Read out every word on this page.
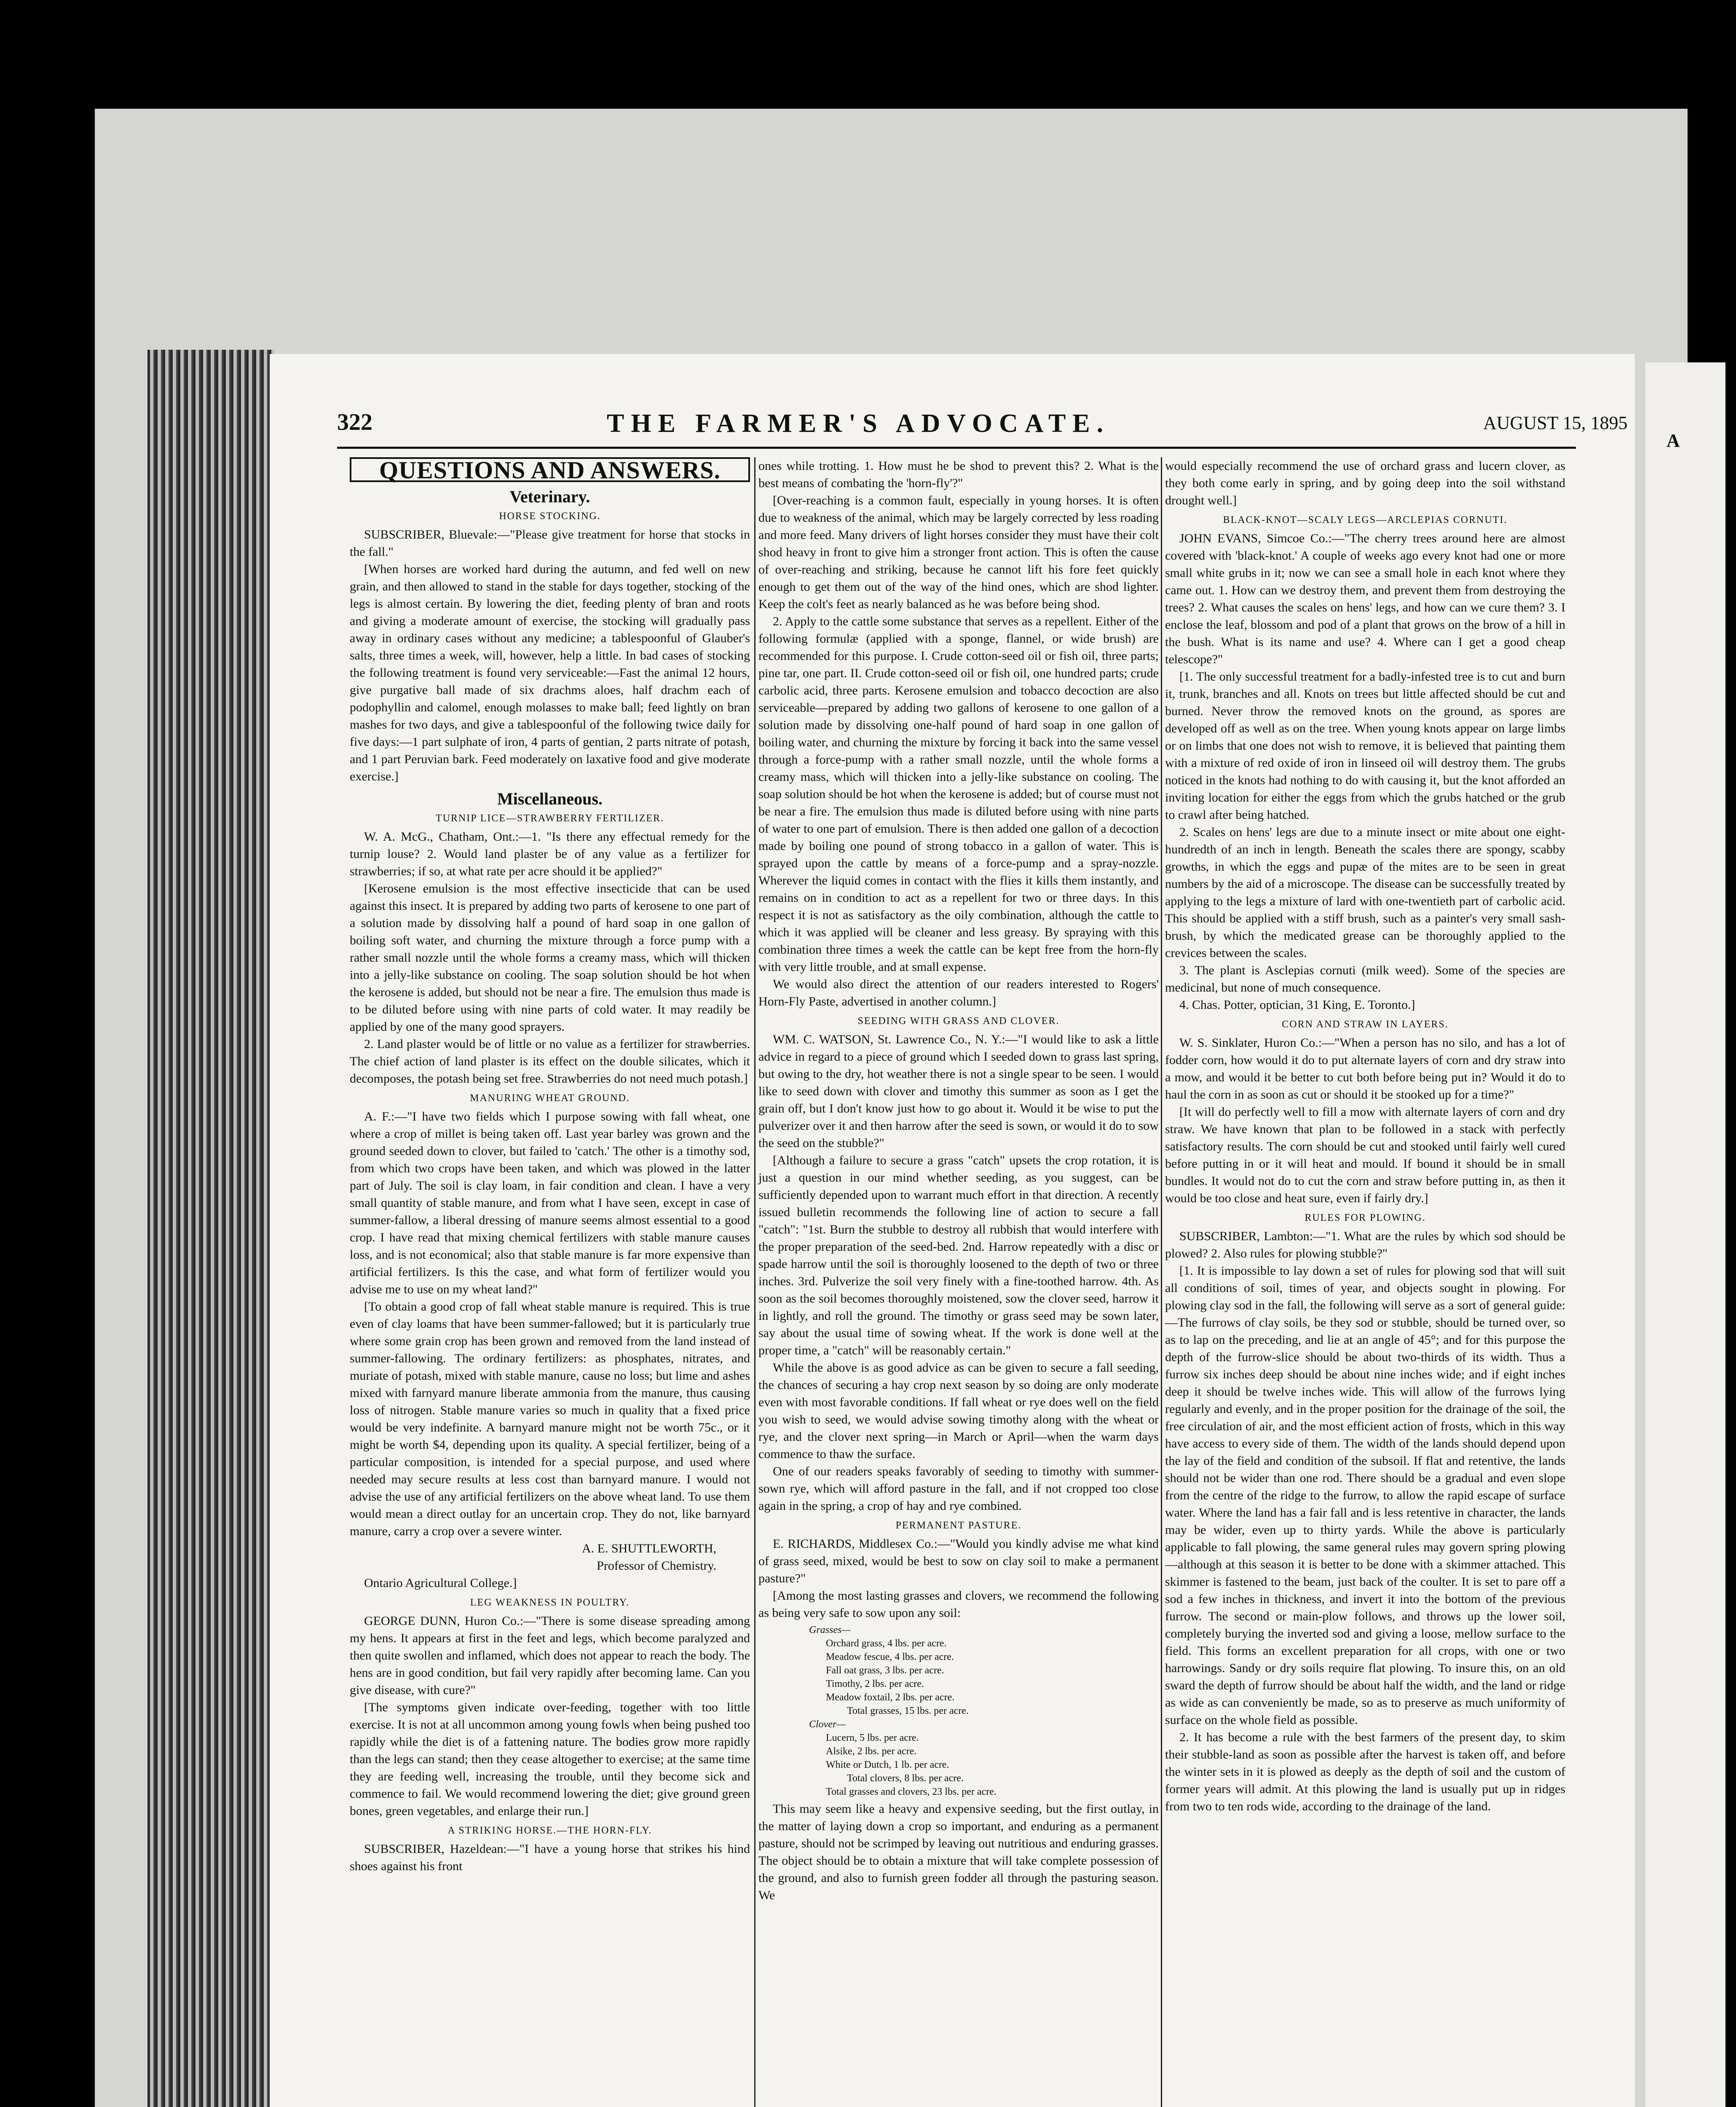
A
322	THE FARMER'S ADVOCATE.	AUGUST 15, 1895
QUESTIONS AND ANSWERS.
Veterinary.
HORSE STOCKING.

SUBSCRIBER, Bluevale:—"Please give treatment for horse that stocks in the fall."

[When horses are worked hard during the autumn, and fed well on new grain, and then allowed to stand in the stable for days together, stocking of the legs is almost certain. By lowering the diet, feeding plenty of bran and roots and giving a moderate amount of exercise, the stocking will gradually pass away in ordinary cases without any medicine; a tablespoonful of Glauber's salts, three times a week, will, however, help a little. In bad cases of stocking the following treatment is found very serviceable:—Fast the animal 12 hours, give purgative ball made of six drachms aloes, half drachm each of podophyllin and calomel, enough molasses to make ball; feed lightly on bran mashes for two days, and give a tablespoonful of the following twice daily for five days:—1 part sulphate of iron, 4 parts of gentian, 2 parts nitrate of potash, and 1 part Peruvian bark. Feed moderately on laxative food and give moderate exercise.]

Miscellaneous.
TURNIP LICE—STRAWBERRY FERTILIZER.

W. A. McG., Chatham, Ont.:—1. "Is there any effectual remedy for the turnip louse? 2. Would land plaster be of any value as a fertilizer for strawberries; if so, at what rate per acre should it be applied?"

[Kerosene emulsion is the most effective insecticide that can be used against this insect. It is prepared by adding two parts of kerosene to one part of a solution made by dissolving half a pound of hard soap in one gallon of boiling soft water, and churning the mixture through a force pump with a rather small nozzle until the whole forms a creamy mass, which will thicken into a jelly-like substance on cooling. The soap solution should be hot when the kerosene is added, but should not be near a fire. The emulsion thus made is to be diluted before using with nine parts of cold water. It may readily be applied by one of the many good sprayers.

2. Land plaster would be of little or no value as a fertilizer for strawberries. The chief action of land plaster is its effect on the double silicates, which it decomposes, the potash being set free. Strawberries do not need much potash.]

MANURING WHEAT GROUND.

A. F.:—"I have two fields which I purpose sowing with fall wheat, one where a crop of millet is being taken off. Last year barley was grown and the ground seeded down to clover, but failed to 'catch.' The other is a timothy sod, from which two crops have been taken, and which was plowed in the latter part of July. The soil is clay loam, in fair condition and clean. I have a very small quantity of stable manure, and from what I have seen, except in case of summer-fallow, a liberal dressing of manure seems almost essential to a good crop. I have read that mixing chemical fertilizers with stable manure causes loss, and is not economical; also that stable manure is far more expensive than artificial fertilizers. Is this the case, and what form of fertilizer would you advise me to use on my wheat land?"

[To obtain a good crop of fall wheat stable manure is required. This is true even of clay loams that have been summer-fallowed; but it is particularly true where some grain crop has been grown and removed from the land instead of summer-fallowing. The ordinary fertilizers: as phosphates, nitrates, and muriate of potash, mixed with stable manure, cause no loss; but lime and ashes mixed with farnyard manure liberate ammonia from the manure, thus causing loss of nitrogen. Stable manure varies so much in quality that a fixed price would be very indefinite. A barnyard manure might not be worth 75c., or it might be worth $4, depending upon its quality. A special fertilizer, being of a particular composition, is intended for a special purpose, and used where needed may secure results at less cost than barnyard manure. I would not advise the use of any artificial fertilizers on the above wheat land. To use them would mean a direct outlay for an uncertain crop. They do not, like barnyard manure, carry a crop over a severe winter.

A. E. SHUTTLEWORTH,
Professor of Chemistry.

Ontario Agricultural College.]

LEG WEAKNESS IN POULTRY.

GEORGE DUNN, Huron Co.:—"There is some disease spreading among my hens. It appears at first in the feet and legs, which become paralyzed and then quite swollen and inflamed, which does not appear to reach the body. The hens are in good condition, but fail very rapidly after becoming lame. Can you give disease, with cure?"

[The symptoms given indicate over-feeding, together with too little exercise. It is not at all uncommon among young fowls when being pushed too rapidly while the diet is of a fattening nature. The bodies grow more rapidly than the legs can stand; then they cease altogether to exercise; at the same time they are feeding well, increasing the trouble, until they become sick and commence to fail. We would recommend lowering the diet; give ground green bones, green vegetables, and enlarge their run.]

A STRIKING HORSE.—THE HORN-FLY.

SUBSCRIBER, Hazeldean:—"I have a young horse that strikes his hind shoes against his front

ones while trotting. 1. How must he be shod to prevent this? 2. What is the best means of combating the 'horn-fly'?"

[Over-reaching is a common fault, especially in young horses. It is often due to weakness of the animal, which may be largely corrected by less roading and more feed. Many drivers of light horses consider they must have their colt shod heavy in front to give him a stronger front action. This is often the cause of over-reaching and striking, because he cannot lift his fore feet quickly enough to get them out of the way of the hind ones, which are shod lighter. Keep the colt's feet as nearly balanced as he was before being shod.

2. Apply to the cattle some substance that serves as a repellent. Either of the following formulæ (applied with a sponge, flannel, or wide brush) are recommended for this purpose. I. Crude cotton-seed oil or fish oil, three parts; pine tar, one part. II. Crude cotton-seed oil or fish oil, one hundred parts; crude carbolic acid, three parts. Kerosene emulsion and tobacco decoction are also serviceable—prepared by adding two gallons of kerosene to one gallon of a solution made by dissolving one-half pound of hard soap in one gallon of boiling water, and churning the mixture by forcing it back into the same vessel through a force-pump with a rather small nozzle, until the whole forms a creamy mass, which will thicken into a jelly-like substance on cooling. The soap solution should be hot when the kerosene is added; but of course must not be near a fire. The emulsion thus made is diluted before using with nine parts of water to one part of emulsion. There is then added one gallon of a decoction made by boiling one pound of strong tobacco in a gallon of water. This is sprayed upon the cattle by means of a force-pump and a spray-nozzle. Wherever the liquid comes in contact with the flies it kills them instantly, and remains on in condition to act as a repellent for two or three days. In this respect it is not as satisfactory as the oily combination, although the cattle to which it was applied will be cleaner and less greasy. By spraying with this combination three times a week the cattle can be kept free from the horn-fly with very little trouble, and at small expense.

We would also direct the attention of our readers interested to Rogers' Horn-Fly Paste, advertised in another column.]

SEEDING WITH GRASS AND CLOVER.

WM. C. WATSON, St. Lawrence Co., N. Y.:—"I would like to ask a little advice in regard to a piece of ground which I seeded down to grass last spring, but owing to the dry, hot weather there is not a single spear to be seen. I would like to seed down with clover and timothy this summer as soon as I get the grain off, but I don't know just how to go about it. Would it be wise to put the pulverizer over it and then harrow after the seed is sown, or would it do to sow the seed on the stubble?"

[Although a failure to secure a grass "catch" upsets the crop rotation, it is just a question in our mind whether seeding, as you suggest, can be sufficiently depended upon to warrant much effort in that direction. A recently issued bulletin recommends the following line of action to secure a fall "catch": "1st. Burn the stubble to destroy all rubbish that would interfere with the proper preparation of the seed-bed. 2nd. Harrow repeatedly with a disc or spade harrow until the soil is thoroughly loosened to the depth of two or three inches. 3rd. Pulverize the soil very finely with a fine-toothed harrow. 4th. As soon as the soil becomes thoroughly moistened, sow the clover seed, harrow it in lightly, and roll the ground. The timothy or grass seed may be sown later, say about the usual time of sowing wheat. If the work is done well at the proper time, a "catch" will be reasonably certain."

While the above is as good advice as can be given to secure a fall seeding, the chances of securing a hay crop next season by so doing are only moderate even with most favorable conditions. If fall wheat or rye does well on the field you wish to seed, we would advise sowing timothy along with the wheat or rye, and the clover next spring—in March or April—when the warm days commence to thaw the surface.

One of our readers speaks favorably of seeding to timothy with summer-sown rye, which will afford pasture in the fall, and if not cropped too close again in the spring, a crop of hay and rye combined.

PERMANENT PASTURE.

E. RICHARDS, Middlesex Co.:—"Would you kindly advise me what kind of grass seed, mixed, would be best to sow on clay soil to make a permanent pasture?"

[Among the most lasting grasses and clovers, we recommend the following as being very safe to sow upon any soil:

Grasses—
Orchard grass, 4 lbs. per acre.
Meadow fescue, 4 lbs. per acre.
Fall oat grass, 3 lbs. per acre.
Timothy, 2 lbs. per acre.
Meadow foxtail, 2 lbs. per acre.
Total grasses, 15 lbs. per acre.
Clover—
Lucern, 5 lbs. per acre.
Alsike, 2 lbs. per acre.
White or Dutch, 1 lb. per acre.
Total clovers, 8 lbs. per acre.
Total grasses and clovers, 23 lbs. per acre.

This may seem like a heavy and expensive seeding, but the first outlay, in the matter of laying down a crop so important, and enduring as a permanent pasture, should not be scrimped by leaving out nutritious and enduring grasses. The object should be to obtain a mixture that will take complete possession of the ground, and also to furnish green fodder all through the pasturing season. We

would especially recommend the use of orchard grass and lucern clover, as they both come early in spring, and by going deep into the soil withstand drought well.]

BLACK-KNOT—SCALY LEGS—ARCLEPIAS CORNUTI.

JOHN EVANS, Simcoe Co.:—"The cherry trees around here are almost covered with 'black-knot.' A couple of weeks ago every knot had one or more small white grubs in it; now we can see a small hole in each knot where they came out. 1. How can we destroy them, and prevent them from destroying the trees? 2. What causes the scales on hens' legs, and how can we cure them? 3. I enclose the leaf, blossom and pod of a plant that grows on the brow of a hill in the bush. What is its name and use? 4. Where can I get a good cheap telescope?"

[1. The only successful treatment for a badly-infested tree is to cut and burn it, trunk, branches and all. Knots on trees but little affected should be cut and burned. Never throw the removed knots on the ground, as spores are developed off as well as on the tree. When young knots appear on large limbs or on limbs that one does not wish to remove, it is believed that painting them with a mixture of red oxide of iron in linseed oil will destroy them. The grubs noticed in the knots had nothing to do with causing it, but the knot afforded an inviting location for either the eggs from which the grubs hatched or the grub to crawl after being hatched.

2. Scales on hens' legs are due to a minute insect or mite about one eight-hundredth of an inch in length. Beneath the scales there are spongy, scabby growths, in which the eggs and pupæ of the mites are to be seen in great numbers by the aid of a microscope. The disease can be successfully treated by applying to the legs a mixture of lard with one-twentieth part of carbolic acid. This should be applied with a stiff brush, such as a painter's very small sash-brush, by which the medicated grease can be thoroughly applied to the crevices between the scales.

3. The plant is Asclepias cornuti (milk weed). Some of the species are medicinal, but none of much consequence.

4. Chas. Potter, optician, 31 King, E. Toronto.]

CORN AND STRAW IN LAYERS.

W. S. Sinklater, Huron Co.:—"When a person has no silo, and has a lot of fodder corn, how would it do to put alternate layers of corn and dry straw into a mow, and would it be better to cut both before being put in? Would it do to haul the corn in as soon as cut or should it be stooked up for a time?"

[It will do perfectly well to fill a mow with alternate layers of corn and dry straw. We have known that plan to be followed in a stack with perfectly satisfactory results. The corn should be cut and stooked until fairly well cured before putting in or it will heat and mould. If bound it should be in small bundles. It would not do to cut the corn and straw before putting in, as then it would be too close and heat sure, even if fairly dry.]

RULES FOR PLOWING.

SUBSCRIBER, Lambton:—"1. What are the rules by which sod should be plowed? 2. Also rules for plowing stubble?"

[1. It is impossible to lay down a set of rules for plowing sod that will suit all conditions of soil, times of year, and objects sought in plowing. For plowing clay sod in the fall, the following will serve as a sort of general guide:—The furrows of clay soils, be they sod or stubble, should be turned over, so as to lap on the preceding, and lie at an angle of 45°; and for this purpose the depth of the furrow-slice should be about two-thirds of its width. Thus a furrow six inches deep should be about nine inches wide; and if eight inches deep it should be twelve inches wide. This will allow of the furrows lying regularly and evenly, and in the proper position for the drainage of the soil, the free circulation of air, and the most efficient action of frosts, which in this way have access to every side of them. The width of the lands should depend upon the lay of the field and condition of the subsoil. If flat and retentive, the lands should not be wider than one rod. There should be a gradual and even slope from the centre of the ridge to the furrow, to allow the rapid escape of surface water. Where the land has a fair fall and is less retentive in character, the lands may be wider, even up to thirty yards. While the above is particularly applicable to fall plowing, the same general rules may govern spring plowing—although at this season it is better to be done with a skimmer attached. This skimmer is fastened to the beam, just back of the coulter. It is set to pare off a sod a few inches in thickness, and invert it into the bottom of the previous furrow. The second or main-plow follows, and throws up the lower soil, completely burying the inverted sod and giving a loose, mellow surface to the field. This forms an excellent preparation for all crops, with one or two harrowings. Sandy or dry soils require flat plowing. To insure this, on an old sward the depth of furrow should be about half the width, and the land or ridge as wide as can conveniently be made, so as to preserve as much uniformity of surface on the whole field as possible.

2. It has become a rule with the best farmers of the present day, to skim their stubble-land as soon as possible after the harvest is taken off, and before the winter sets in it is plowed as deeply as the depth of soil and the custom of former years will admit. At this plowing the land is usually put up in ridges from two to ten rods wide, according to the drainage of the land.
